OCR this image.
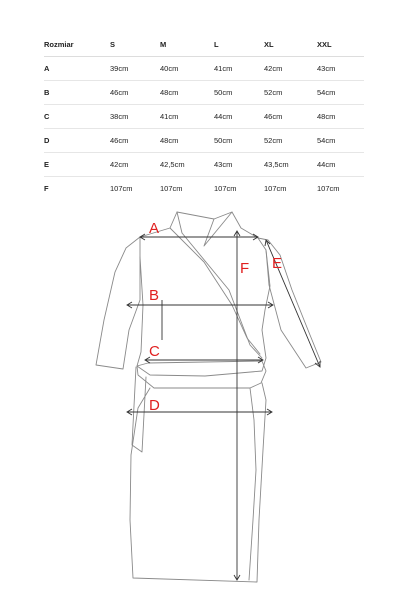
Rozmiar	S	M	L	XL	XXL
A	39cm	40cm	41cm	42cm	43cm
B	46cm	48cm	50cm	52cm	54cm
C	38cm	41cm	44cm	46cm	48cm
D	46cm	48cm	50cm	52cm	54cm
E	42cm	42,5cm	43cm	43,5cm	44cm
F	107cm	107cm	107cm	107cm	107cm
A
B
C
D
E
F
